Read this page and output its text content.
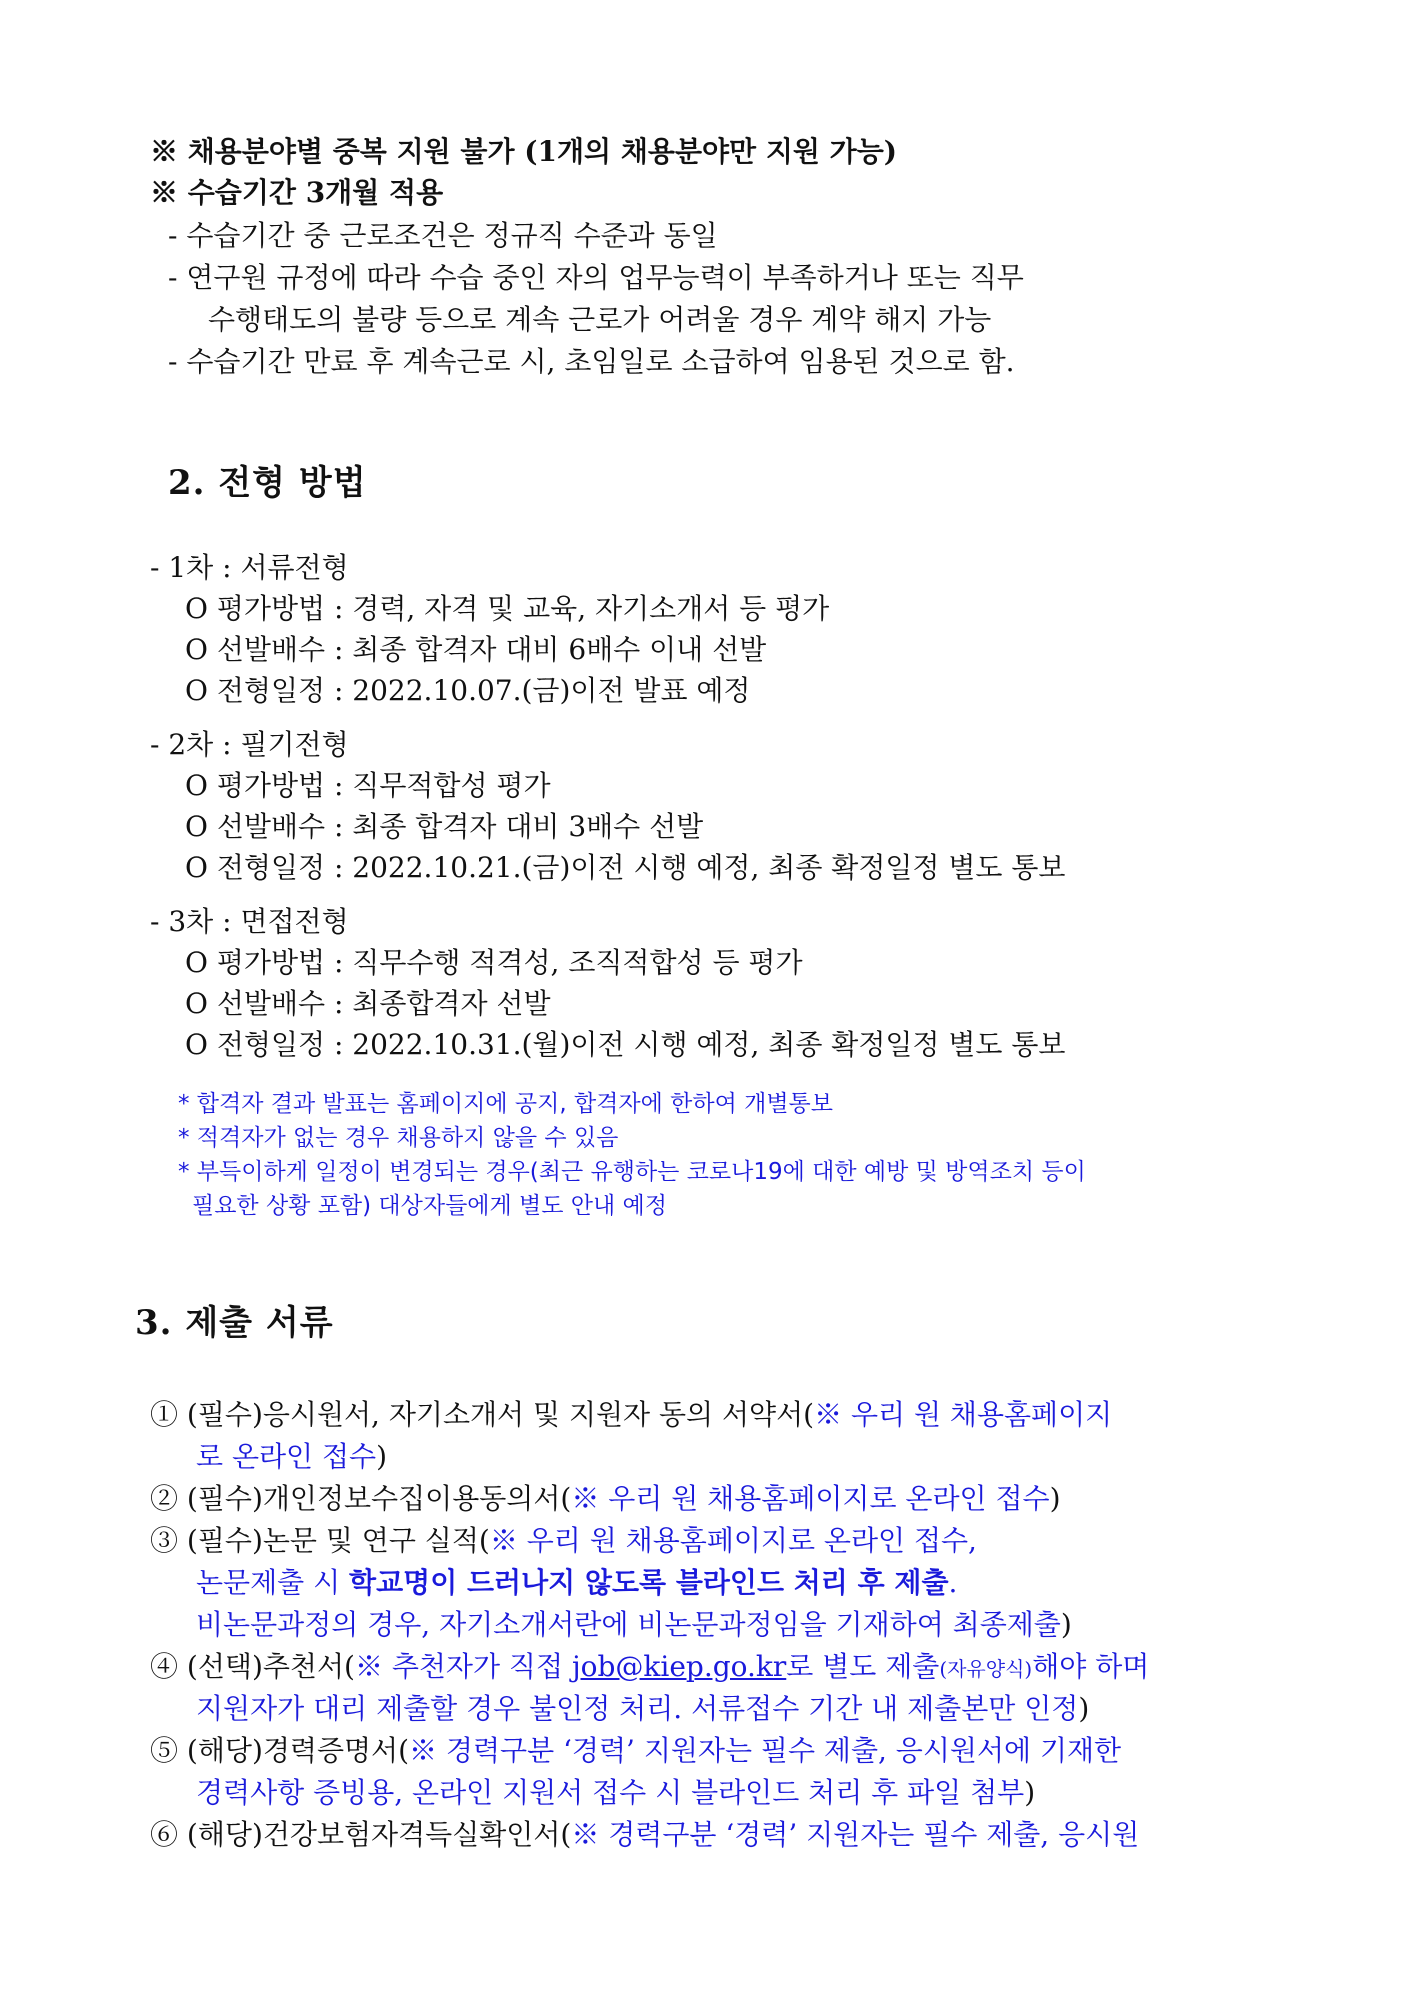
※ 채용분야별 중복 지원 불가 (1개의 채용분야만 지원 가능)
※ 수습기간 3개월 적용
- 수습기간 중 근로조건은 정규직 수준과 동일
- 연구원 규정에 따라 수습 중인 자의 업무능력이 부족하거나 또는 직무
수행태도의 불량 등으로 계속 근로가 어려울 경우 계약 해지 가능
- 수습기간 만료 후 계속근로 시, 초임일로 소급하여 임용된 것으로 함.
2. 전형 방법
- 1차 : 서류전형
O 평가방법 : 경력, 자격 및 교육, 자기소개서 등 평가
O 선발배수 : 최종 합격자 대비 6배수 이내 선발
O 전형일정 : 2022.10.07.(금)이전 발표 예정
- 2차 : 필기전형
O 평가방법 : 직무적합성 평가
O 선발배수 : 최종 합격자 대비 3배수 선발
O 전형일정 : 2022.10.21.(금)이전 시행 예정, 최종 확정일정 별도 통보
- 3차 : 면접전형
O 평가방법 : 직무수행 적격성, 조직적합성 등 평가
O 선발배수 : 최종합격자 선발
O 전형일정 : 2022.10.31.(월)이전 시행 예정, 최종 확정일정 별도 통보
* 합격자 결과 발표는 홈페이지에 공지, 합격자에 한하여 개별통보
* 적격자가 없는 경우 채용하지 않을 수 있음
* 부득이하게 일정이 변경되는 경우(최근 유행하는 코로나19에 대한 예방 및 방역조치 등이
필요한 상황 포함) 대상자들에게 별도 안내 예정
3. 제출 서류
① (필수)응시원서, 자기소개서 및 지원자 동의 서약서(※ 우리 원 채용홈페이지
로 온라인 접수)
② (필수)개인정보수집이용동의서(※ 우리 원 채용홈페이지로 온라인 접수)
③ (필수)논문 및 연구 실적(※ 우리 원 채용홈페이지로 온라인 접수,
논문제출 시 학교명이 드러나지 않도록 블라인드 처리 후 제출.
비논문과정의 경우, 자기소개서란에 비논문과정임을 기재하여 최종제출)
④ (선택)추천서(※ 추천자가 직접 job@kiep.go.kr로 별도 제출(자유양식)해야 하며
지원자가 대리 제출할 경우 불인정 처리. 서류접수 기간 내 제출본만 인정)
⑤ (해당)경력증명서(※ 경력구분 ‘경력’ 지원자는 필수 제출, 응시원서에 기재한
경력사항 증빙용, 온라인 지원서 접수 시 블라인드 처리 후 파일 첨부)
⑥ (해당)건강보험자격득실확인서(※ 경력구분 ‘경력’ 지원자는 필수 제출, 응시원
